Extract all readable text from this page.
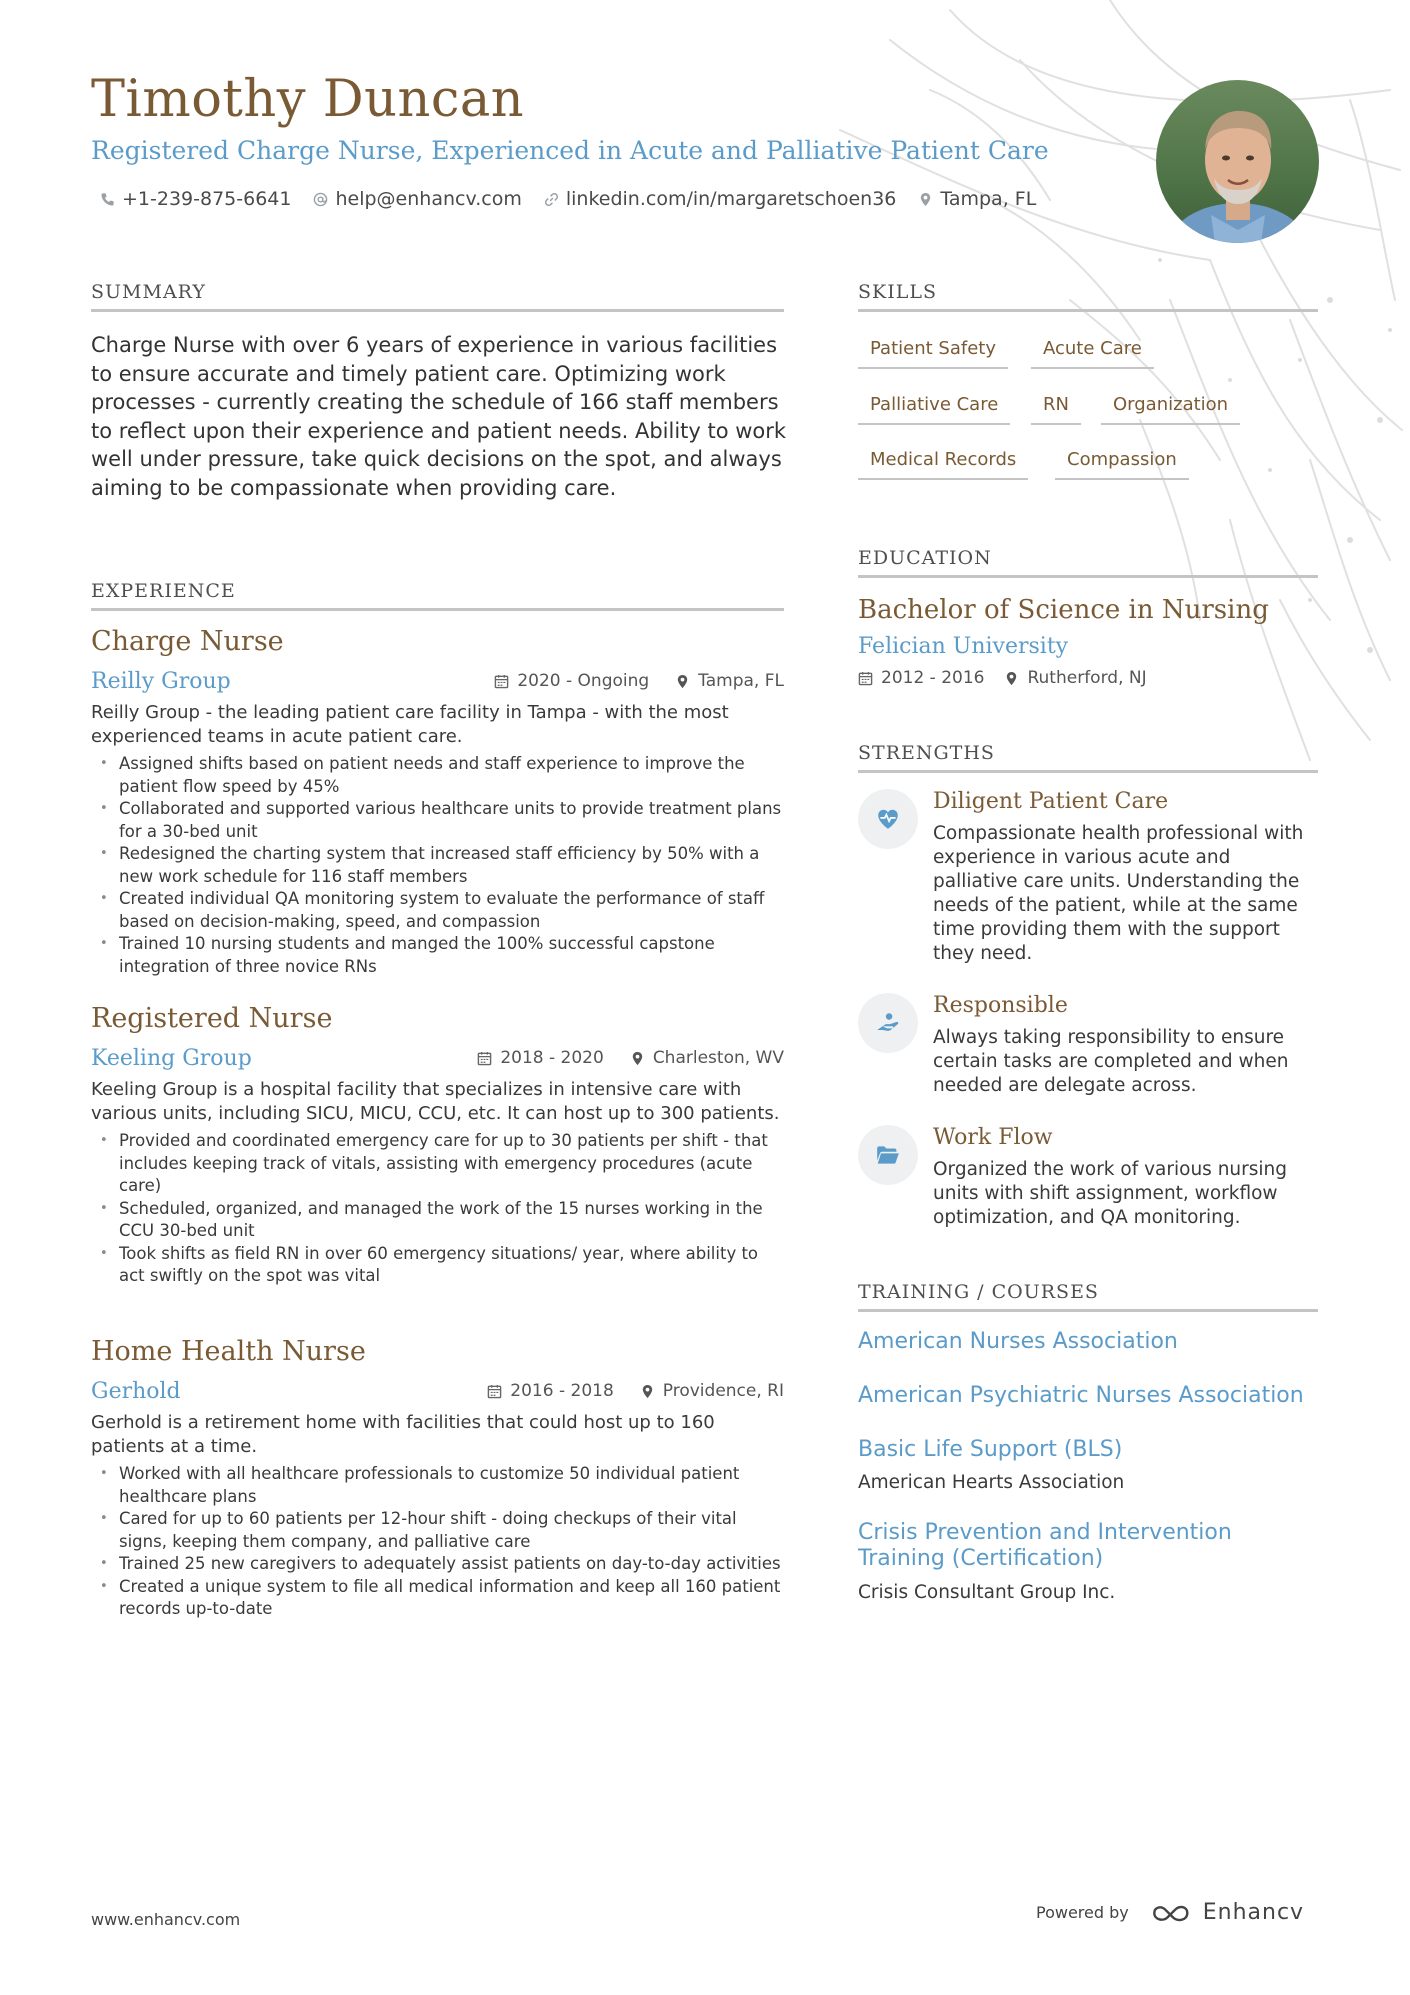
Timothy Duncan
Registered Charge Nurse, Experienced in Acute and Palliative Patient Care
+1-239-875-6641 help@enhancv.com linkedin.com/in/margaretschoen36 Tampa, FL
SUMMARY
Charge Nurse with over 6 years of experience in various facilities to ensure accurate and timely patient care. Optimizing work processes - currently creating the schedule of 166 staff members to reflect upon their experience and patient needs. Ability to work well under pressure, take quick decisions on the spot, and always aiming to be compassionate when providing care.
EXPERIENCE
Charge Nurse
Reilly Group	2020 - Ongoing	Tampa, FL
Reilly Group - the leading patient care facility in Tampa - with the most experienced teams in acute patient care.
• Assigned shifts based on patient needs and staff experience to improve the patient flow speed by 45%
• Collaborated and supported various healthcare units to provide treatment plans for a 30-bed unit
• Redesigned the charting system that increased staff efficiency by 50% with a new work schedule for 116 staff members
• Created individual QA monitoring system to evaluate the performance of staff based on decision-making, speed, and compassion
• Trained 10 nursing students and manged the 100% successful capstone integration of three novice RNs
Registered Nurse
Keeling Group	2018 - 2020	Charleston, WV
Keeling Group is a hospital facility that specializes in intensive care with various units, including SICU, MICU, CCU, etc. It can host up to 300 patients.
• Provided and coordinated emergency care for up to 30 patients per shift - that includes keeping track of vitals, assisting with emergency procedures (acute care)
• Scheduled, organized, and managed the work of the 15 nurses working in the CCU 30-bed unit
• Took shifts as field RN in over 60 emergency situations/ year, where ability to act swiftly on the spot was vital
Home Health Nurse
Gerhold	2016 - 2018	Providence, RI
Gerhold is a retirement home with facilities that could host up to 160 patients at a time.
• Worked with all healthcare professionals to customize 50 individual patient healthcare plans
• Cared for up to 60 patients per 12-hour shift - doing checkups of their vital signs, keeping them company, and palliative care
• Trained 25 new caregivers to adequately assist patients on day-to-day activities
• Created a unique system to file all medical information and keep all 160 patient records up-to-date
SKILLS
Patient Safety	Acute Care
Palliative Care	RN	Organization
Medical Records	Compassion
EDUCATION
Bachelor of Science in Nursing
Felician University
2012 - 2016	Rutherford, NJ
STRENGTHS
Diligent Patient Care
Compassionate health professional with experience in various acute and palliative care units. Understanding the needs of the patient, while at the same time providing them with the support they need.
Responsible
Always taking responsibility to ensure certain tasks are completed and when needed are delegate across.
Work Flow
Organized the work of various nursing units with shift assignment, workflow optimization, and QA monitoring.
TRAINING / COURSES
American Nurses Association
American Psychiatric Nurses Association
Basic Life Support (BLS)
American Hearts Association
Crisis Prevention and Intervention Training (Certification)
Crisis Consultant Group Inc.
www.enhancv.com	Powered by	Enhancv
